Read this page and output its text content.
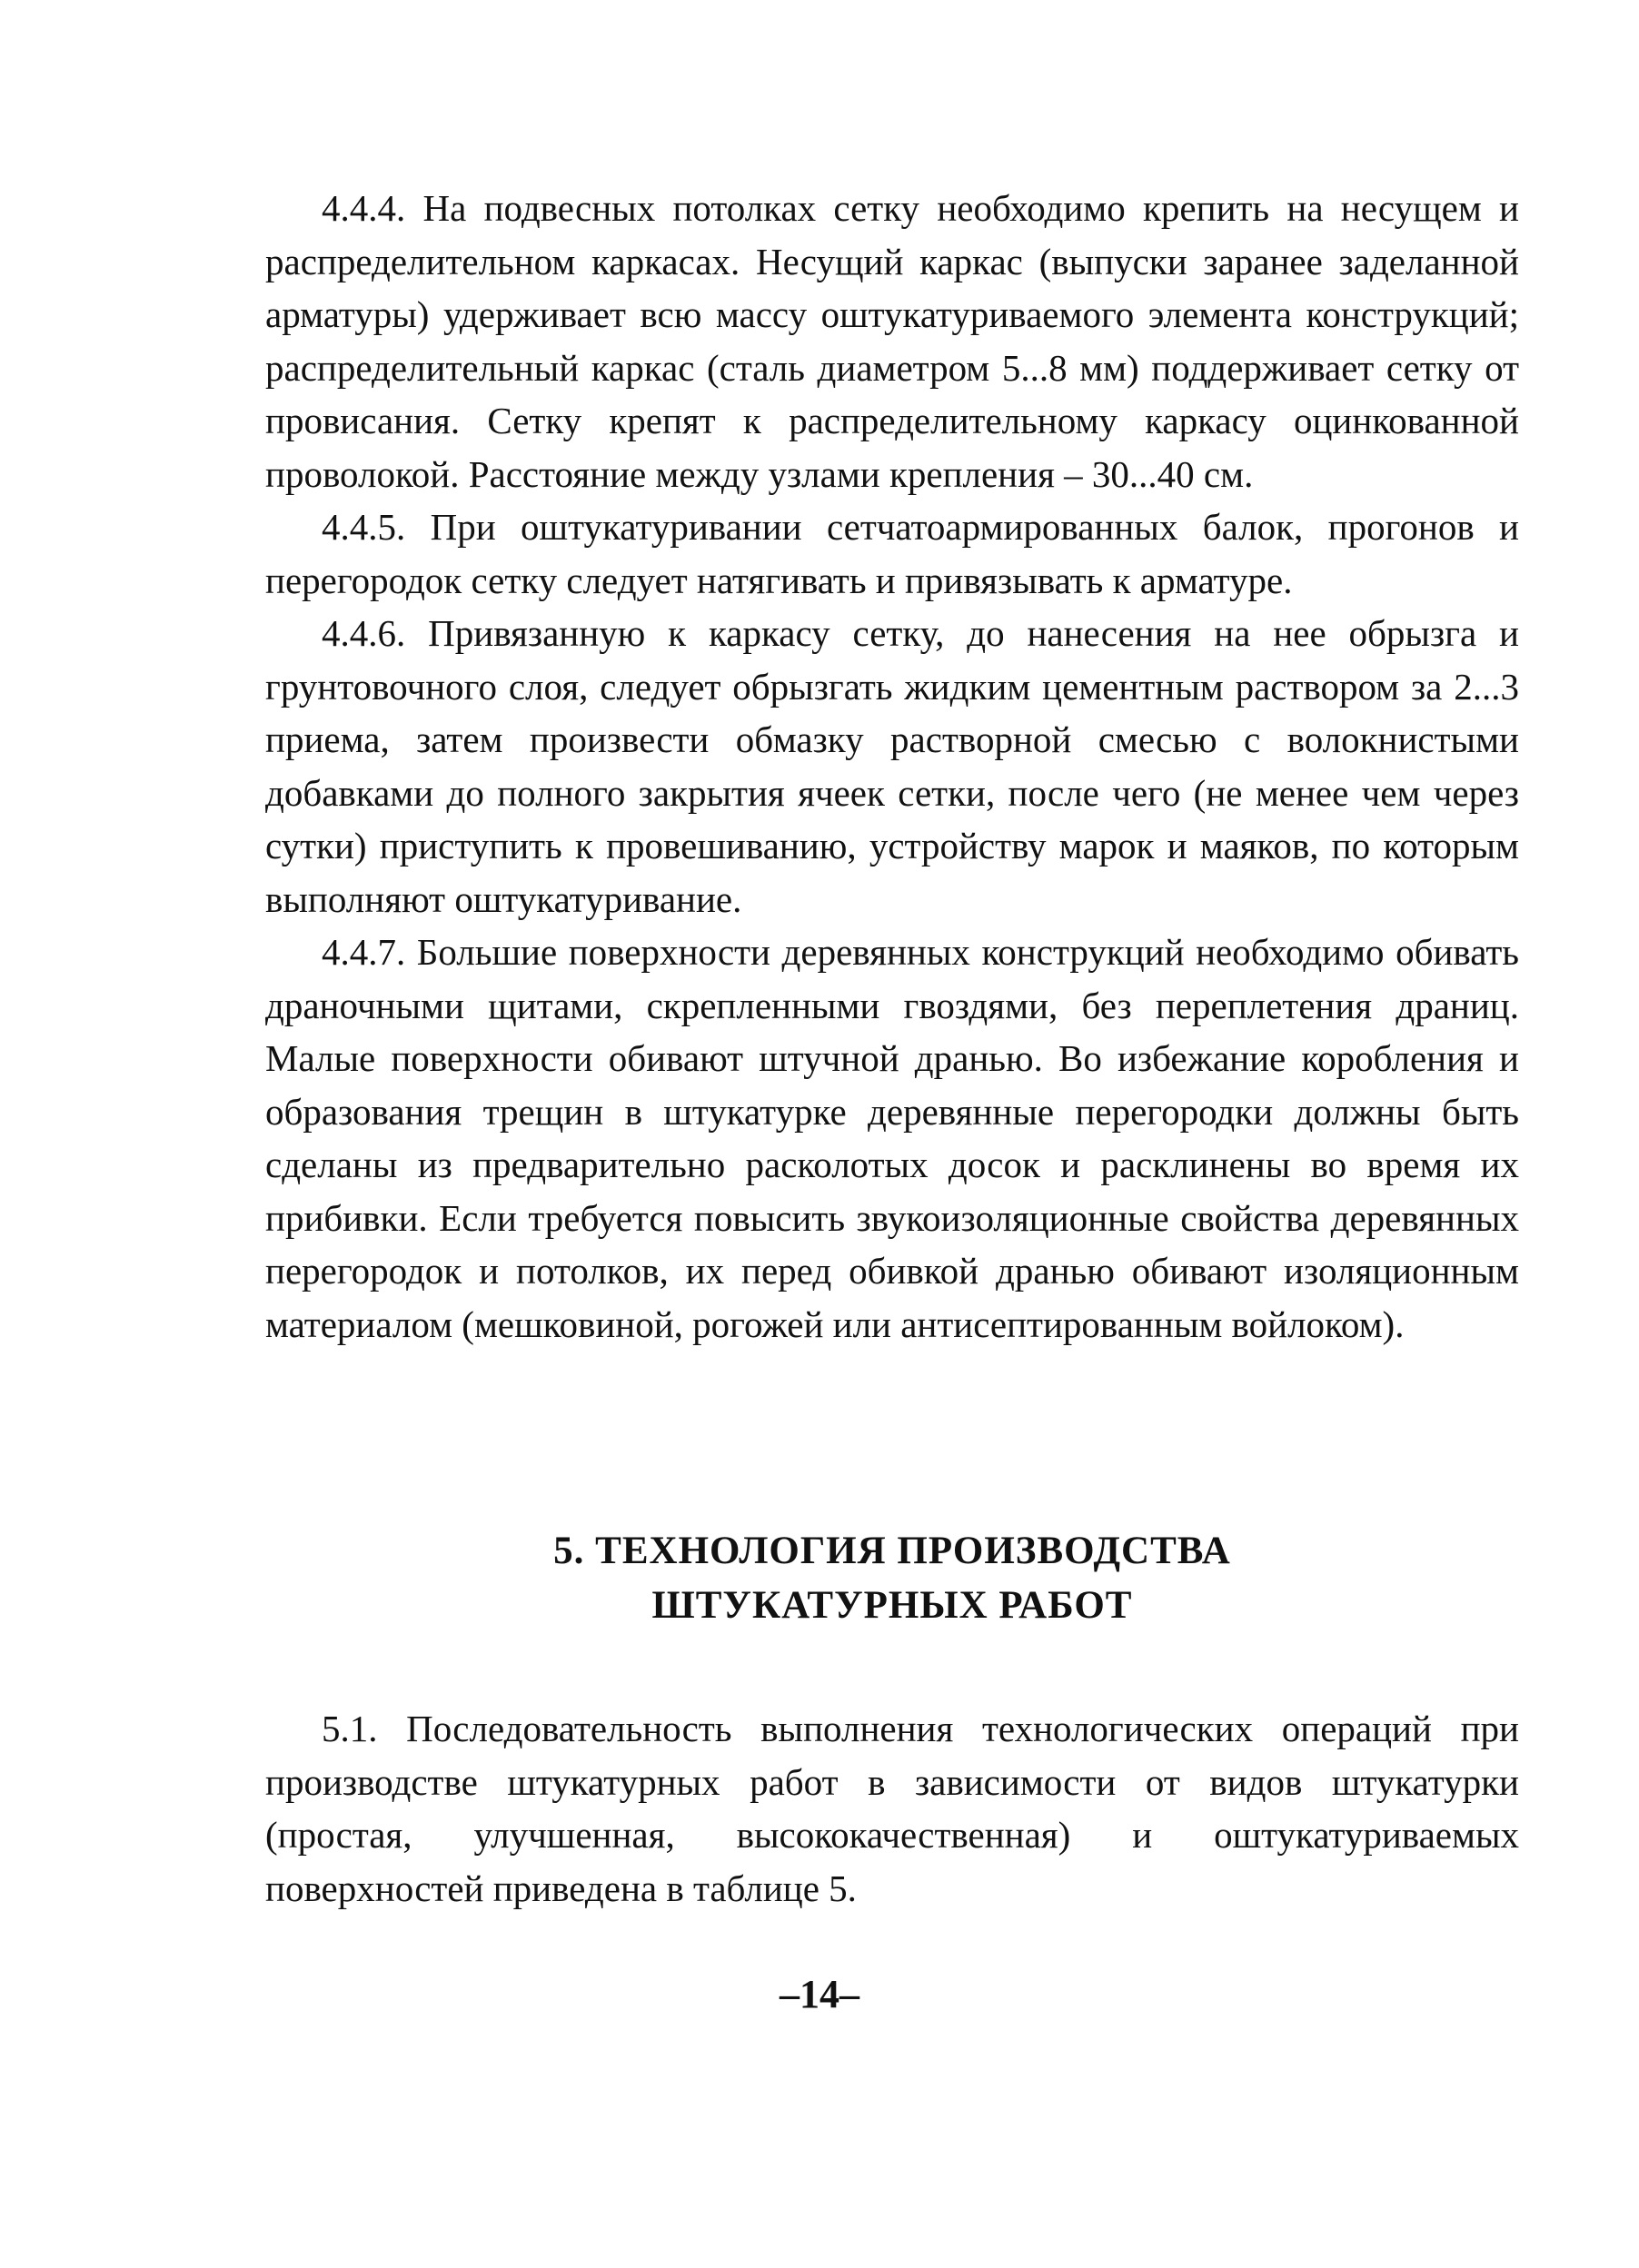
4.4.4. На подвесных потолках сетку необходимо крепить на несущем и распределительном каркасах. Несущий каркас (выпуски заранее заделанной арматуры) удерживает всю массу оштукатуриваемого элемента конструкций; распределительный каркас (сталь диаметром 5...8 мм) поддерживает сетку от провисания. Сетку крепят к распределительному каркасу оцинкованной проволокой. Расстояние между узлами крепления – 30...40 см.

4.4.5. При оштукатуривании сетчатоармированных балок, прогонов и перегородок сетку следует натягивать и привязывать к арматуре.

4.4.6. Привязанную к каркасу сетку, до нанесения на нее обрызга и грунтовочного слоя, следует обрызгать жидким цементным раствором за 2...3 приема, затем произвести обмазку растворной смесью с волокнистыми добавками до полного закрытия ячеек сетки, после чего (не менее чем через сутки) приступить к провешиванию, устройству марок и маяков, по которым выполняют оштукатуривание.

4.4.7. Большие поверхности деревянных конструкций необходимо обивать драночными щитами, скрепленными гвоздями, без переплетения драниц. Малые поверхности обивают штучной дранью. Во избежание коробления и образования трещин в штукатурке деревянные перегородки должны быть сделаны из предварительно расколотых досок и расклинены во время их прибивки. Если требуется повысить звукоизоляционные свойства деревянных перегородок и потолков, их перед обивкой дранью обивают изоляционным материалом (мешковиной, рогожей или антисептированным войлоком).

5. ТЕХНОЛОГИЯ ПРОИЗВОДСТВА
ШТУКАТУРНЫХ РАБОТ

5.1. Последовательность выполнения технологических операций при производстве штукатурных работ в зависимости от видов штукатурки (простая, улучшенная, высококачественная) и оштукатуриваемых поверхностей приведена в таблице 5.

–14–
